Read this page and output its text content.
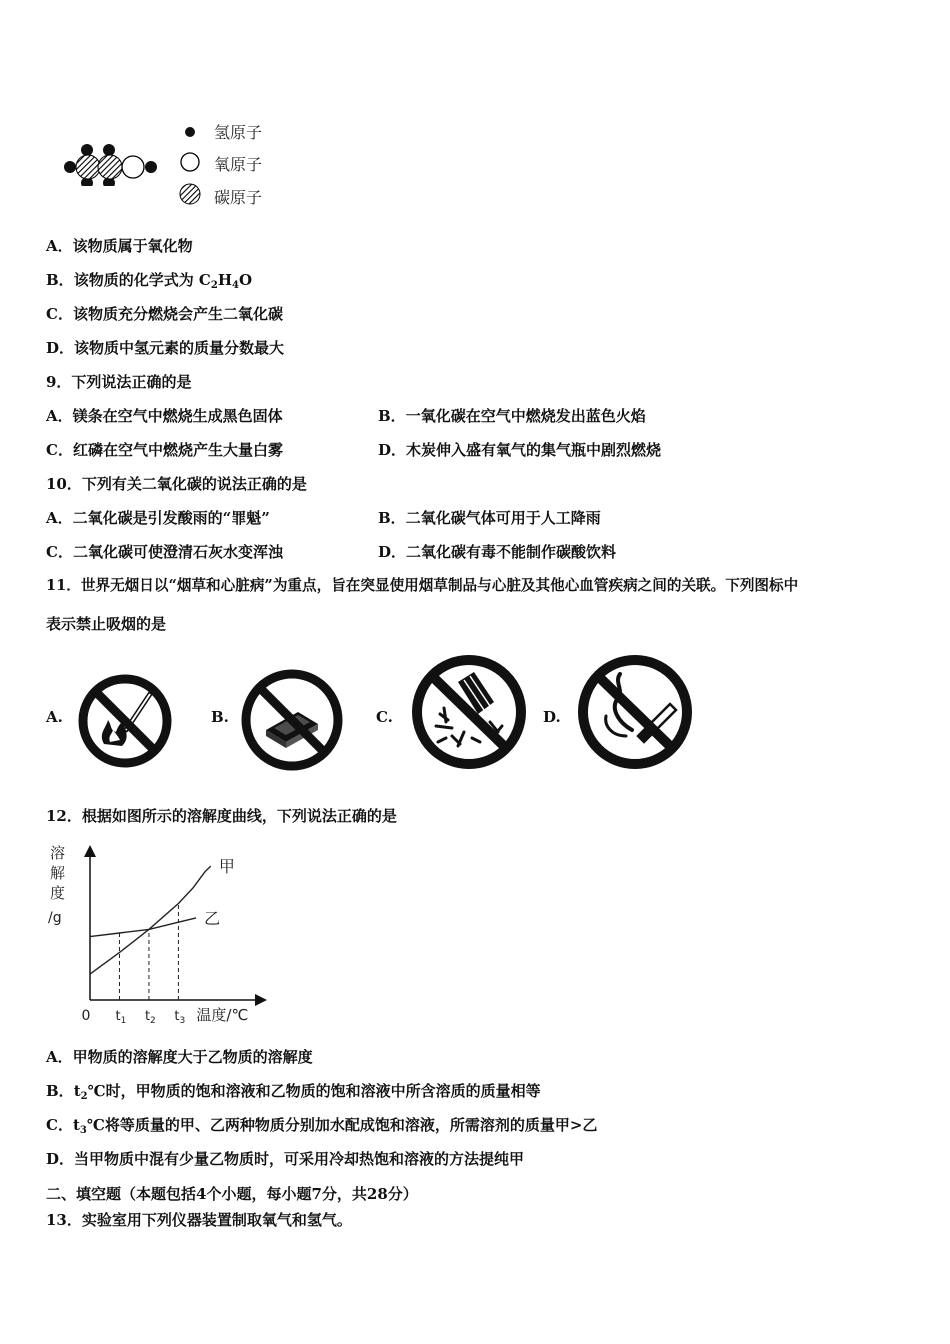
氢原子
氧原子
碳原子
A．该物质属于氧化物
B．该物质的化学式为 $C_2H_4O$
C．该物质充分燃烧会产生二氧化碳
D．该物质中氢元素的质量分数最大
9．下列说法正确的是
A．镁条在空气中燃烧生成黑色固体	B．一氧化碳在空气中燃烧发出蓝色火焰
C．红磷在空气中燃烧产生大量白雾	D．木炭伸入盛有氧气的集气瓶中剧烈燃烧
10．下列有关二氧化碳的说法正确的是
A．二氧化碳是引发酸雨的“罪魁”	B．二氧化碳气体可用于人工降雨
C．二氧化碳可使澄清石灰水变浑浊	D．二氧化碳有毒不能制作碳酸饮料
11．世界无烟日以“烟草和心脏病”为重点，旨在突显使用烟草制品与心脏及其他心血管疾病之间的关联。下列图标中
表示禁止吸烟的是
A.	B.	C.	D.
12．根据如图所示的溶解度曲线，下列说法正确的是
溶
解
度
/g
甲
乙
0 $t_1$ $t_2$ $t_3$ 温度/℃
A．甲物质的溶解度大于乙物质的溶解度
B．$t_2℃$时，甲物质的饱和溶液和乙物质的饱和溶液中所含溶质的质量相等
C．$t_3℃$将等质量的甲、乙两种物质分别加水配成饱和溶液，所需溶剂的质量甲>乙
D．当甲物质中混有少量乙物质时，可采用冷却热饱和溶液的方法提纯甲
二、填空题（本题包括4个小题，每小题7分，共28分）
13．实验室用下列仪器装置制取氧气和氢气。
